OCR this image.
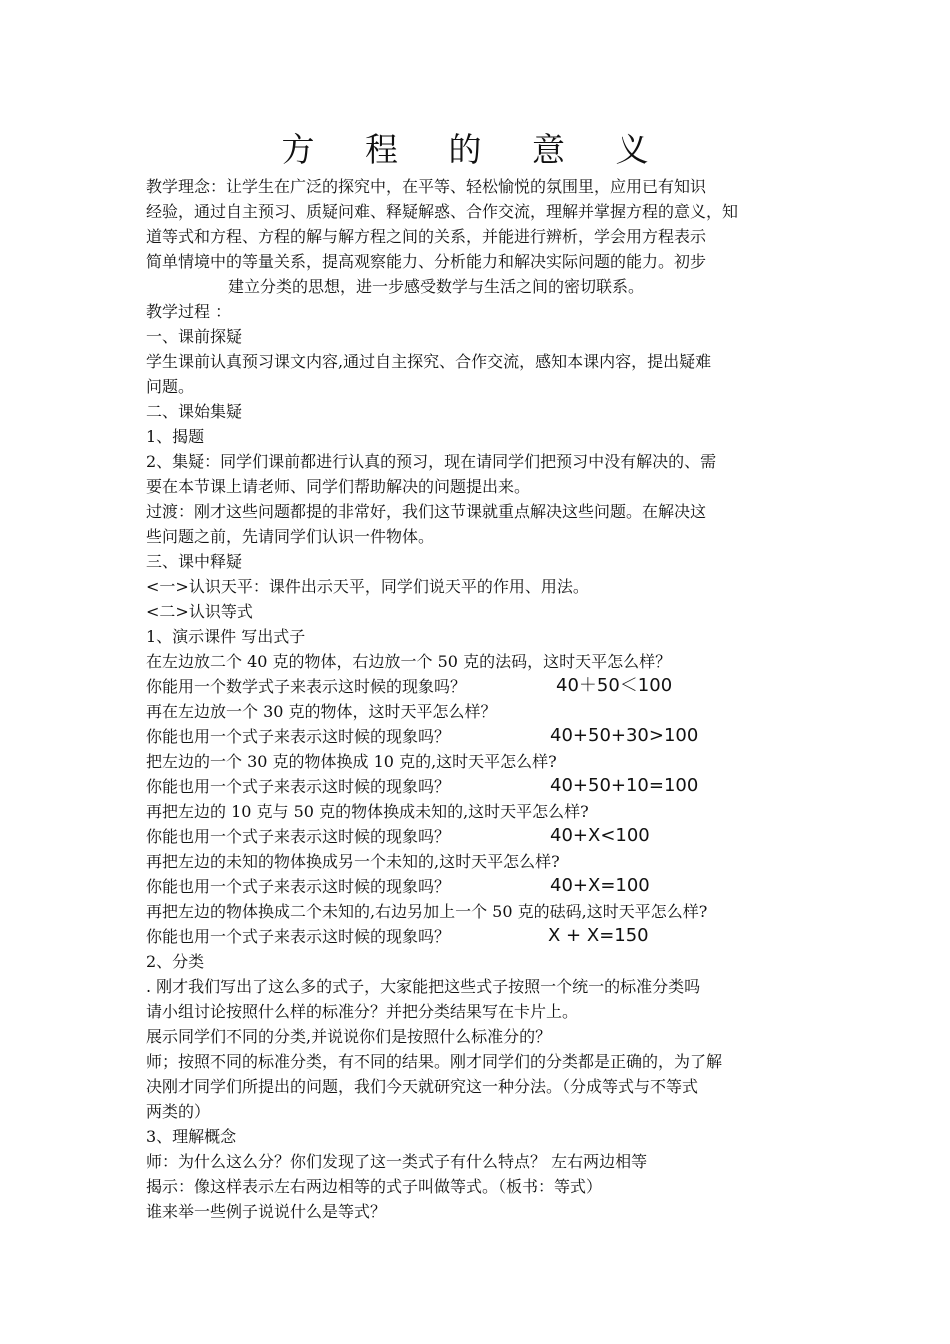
方 程 的 意 义
教学理念：让学生在广泛的探究中，在平等、轻松愉悦的氛围里，应用已有知识
经验，通过自主预习、质疑问难、释疑解惑、合作交流，理解并掌握方程的意义，知
道等式和方程、方程的解与解方程之间的关系，并能进行辨析，学会用方程表示
简单情境中的等量关系，提高观察能力、分析能力和解决实际问题的能力。初步
建立分类的思想，进一步感受数学与生活之间的密切联系。
教学过程 ：
一、课前探疑
学生课前认真预习课文内容,通过自主探究、合作交流，感知本课内容，提出疑难
问题。
二、课始集疑
1、揭题
2、集疑：同学们课前都进行认真的预习，现在请同学们把预习中没有解决的、需
要在本节课上请老师、同学们帮助解决的问题提出来。
过渡：刚才这些问题都提的非常好，我们这节课就重点解决这些问题。在解决这
些问题之前，先请同学们认识一件物体。
三、课中释疑
<一>认识天平：课件出示天平，同学们说天平的作用、用法。
<二>认识等式
1、演示课件 写出式子
在左边放二个 40 克的物体，右边放一个 50 克的法码，这时天平怎么样？
你能用一个数学式子来表示这时候的现象吗？	40＋50＜100
再在左边放一个 30 克的物体，这时天平怎么样？
你能也用一个式子来表示这时候的现象吗？	40+50+30>100
把左边的一个 30 克的物体换成 10 克的,这时天平怎么样?
你能也用一个式子来表示这时候的现象吗？	40+50+10=100
再把左边的 10 克与 50 克的物体换成未知的,这时天平怎么样?
你能也用一个式子来表示这时候的现象吗？	40+X<100
再把左边的未知的物体换成另一个未知的,这时天平怎么样?
你能也用一个式子来表示这时候的现象吗？	40+X=100
再把左边的物体换成二个未知的,右边另加上一个 50 克的砝码,这时天平怎么样?
你能也用一个式子来表示这时候的现象吗？	X + X=150
2、分类
. 刚才我们写出了这么多的式子，大家能把这些式子按照一个统一的标准分类吗
请小组讨论按照什么样的标准分？并把分类结果写在卡片上。
展示同学们不同的分类,并说说你们是按照什么标准分的？
师；按照不同的标准分类，有不同的结果。刚才同学们的分类都是正确的，为了解
决刚才同学们所提出的问题，我们今天就研究这一种分法。（分成等式与不等式
两类的）
3、理解概念
师：为什么这么分？你们发现了这一类式子有什么特点？ 左右两边相等
揭示：像这样表示左右两边相等的式子叫做等式。（板书：等式）
谁来举一些例子说说什么是等式？
